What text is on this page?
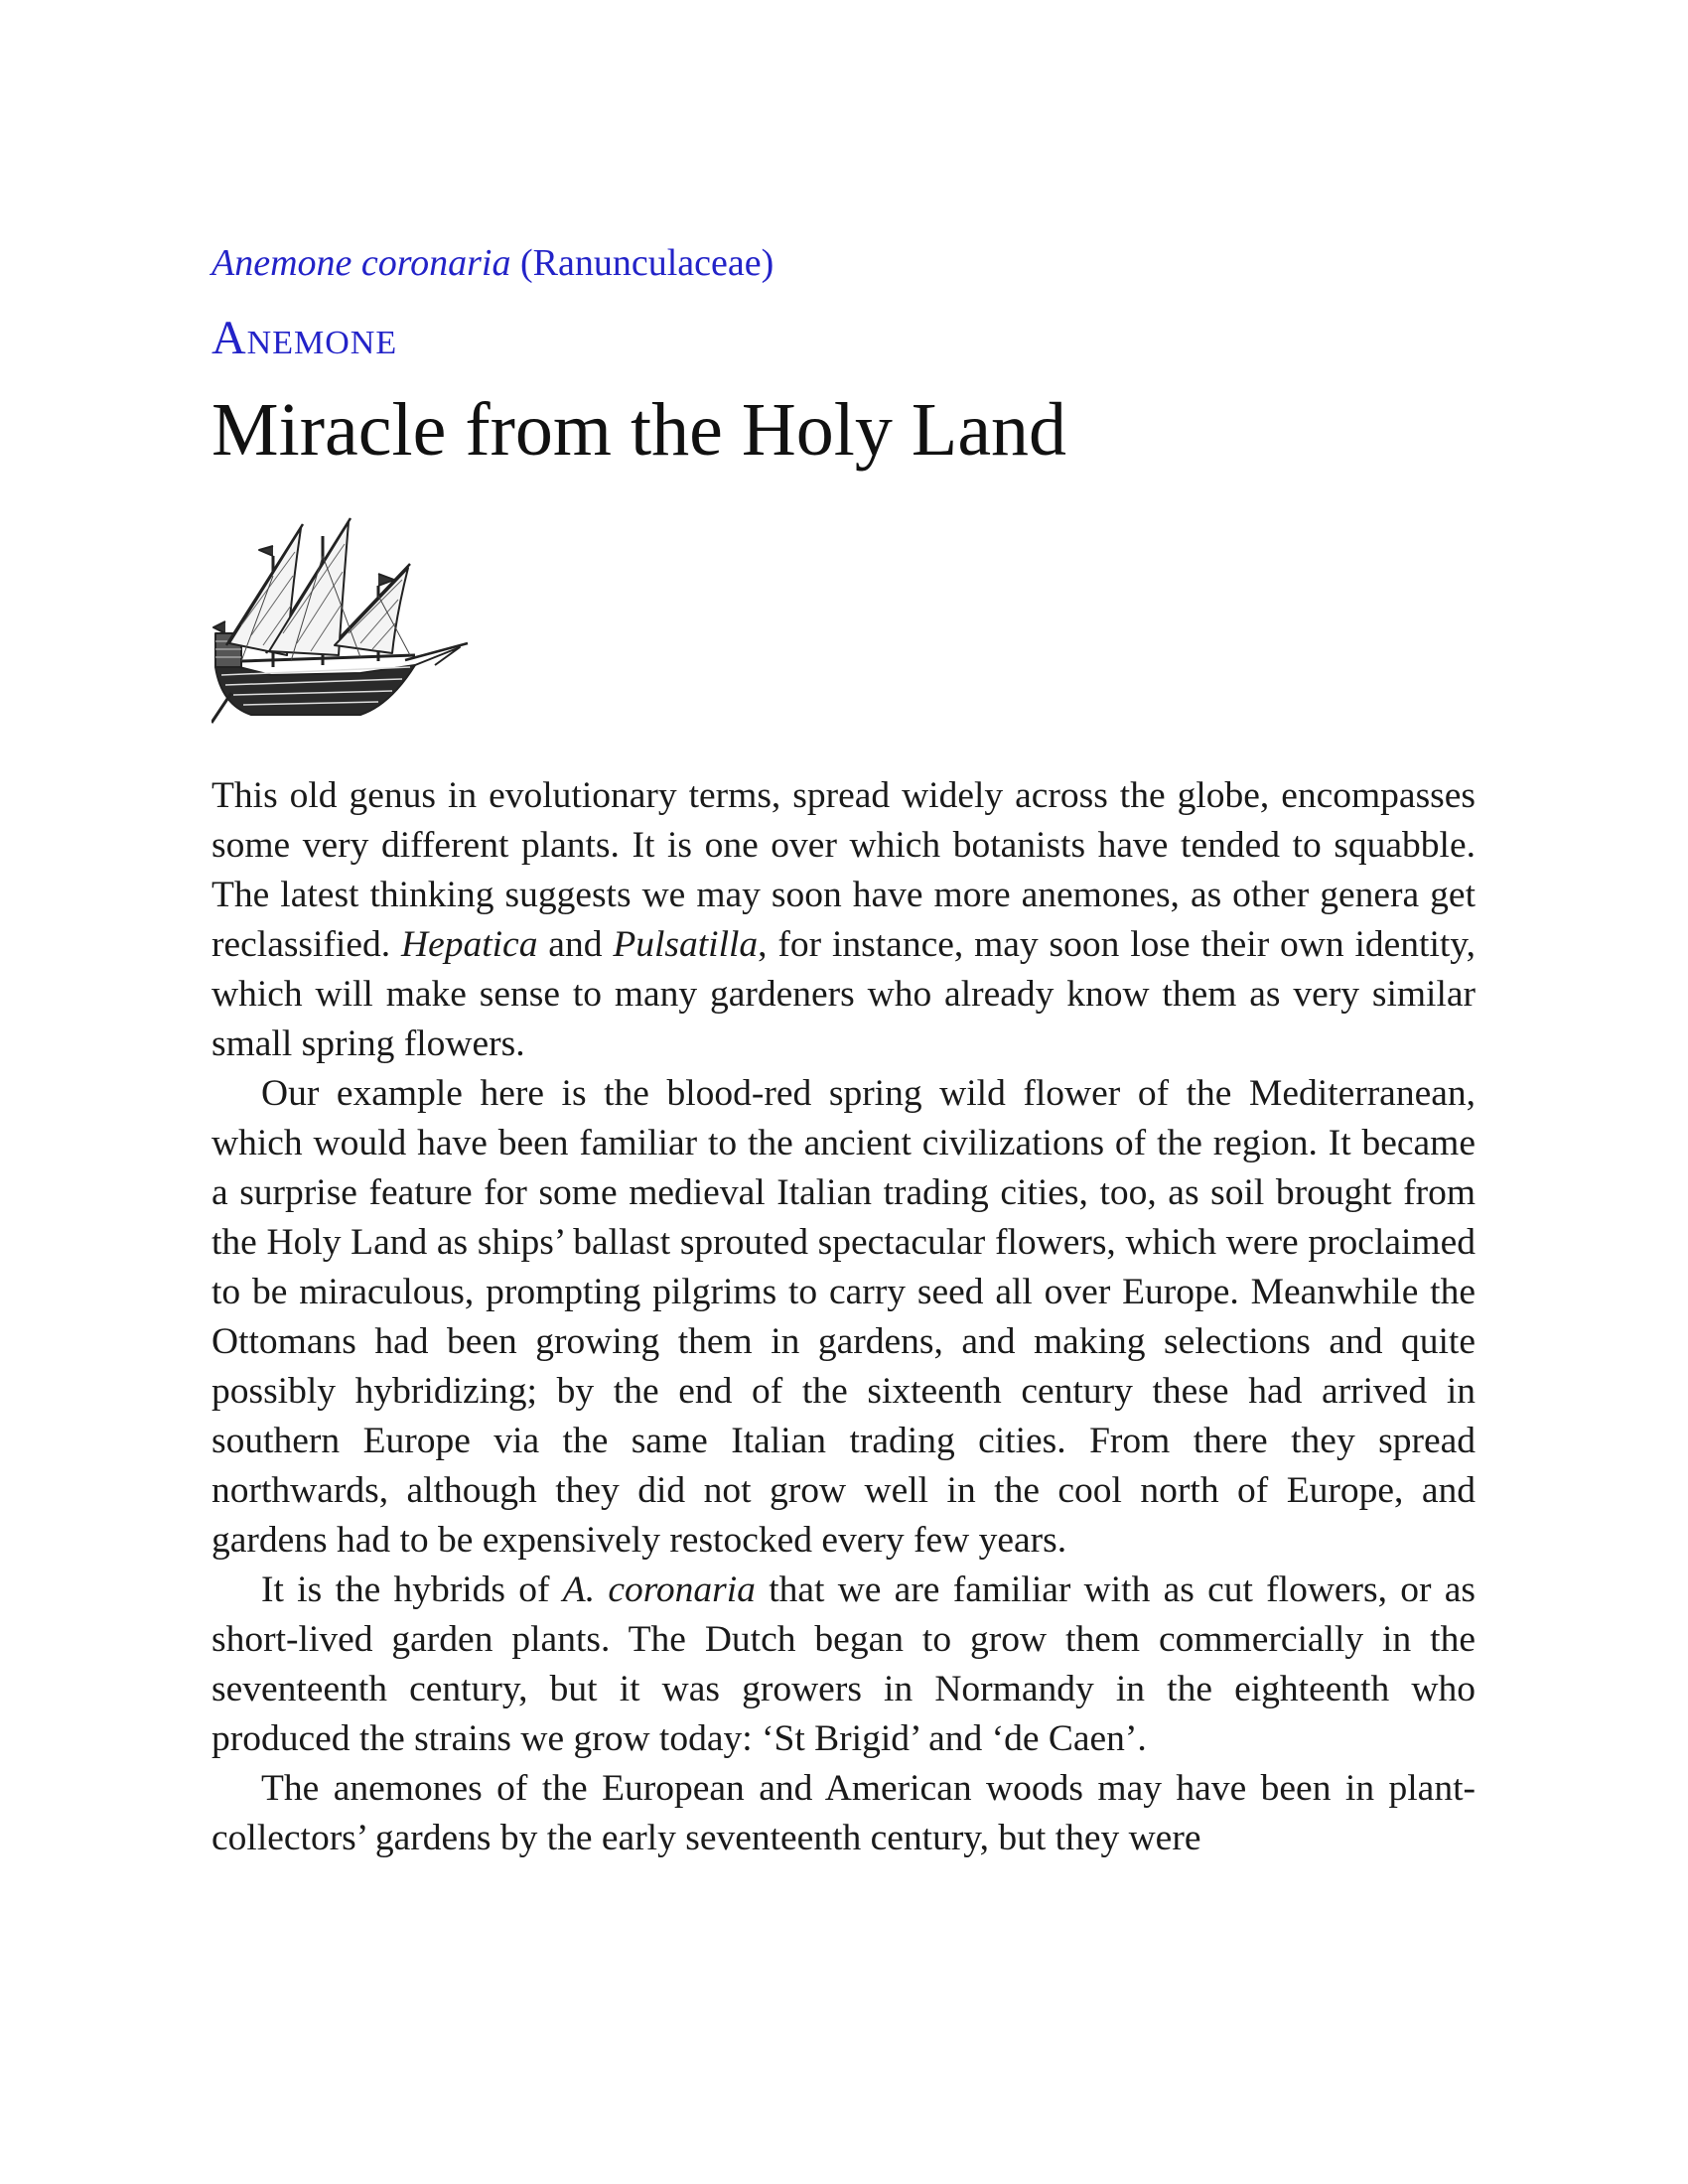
Anemone coronaria (Ranunculaceae)
Anemone
Miracle from the Holy Land

This old genus in evolutionary terms, spread widely across the globe, encompasses some very different plants. It is one over which botanists have tended to squabble. The latest thinking suggests we may soon have more anemones, as other genera get reclassified. Hepatica and Pulsatilla, for instance, may soon lose their own identity, which will make sense to many gardeners who already know them as very similar small spring flowers.

Our example here is the blood-red spring wild flower of the Mediterranean, which would have been familiar to the ancient civilizations of the region. It became a surprise feature for some medieval Italian trading cities, too, as soil brought from the Holy Land as ships’ ballast sprouted spectacular flowers, which were proclaimed to be miraculous, prompting pilgrims to carry seed all over Europe. Meanwhile the Ottomans had been growing them in gardens, and making selections and quite possibly hybridizing; by the end of the sixteenth century these had arrived in southern Europe via the same Italian trading cities. From there they spread northwards, although they did not grow well in the cool north of Europe, and gardens had to be expensively restocked every few years.

It is the hybrids of A. coronaria that we are familiar with as cut flowers, or as short-lived garden plants. The Dutch began to grow them commercially in the seventeenth century, but it was growers in Normandy in the eighteenth who produced the strains we grow today: ‘St Brigid’ and ‘de Caen’.

The anemones of the European and American woods may have been in plant-collectors’ gardens by the early seventeenth century, but they were
